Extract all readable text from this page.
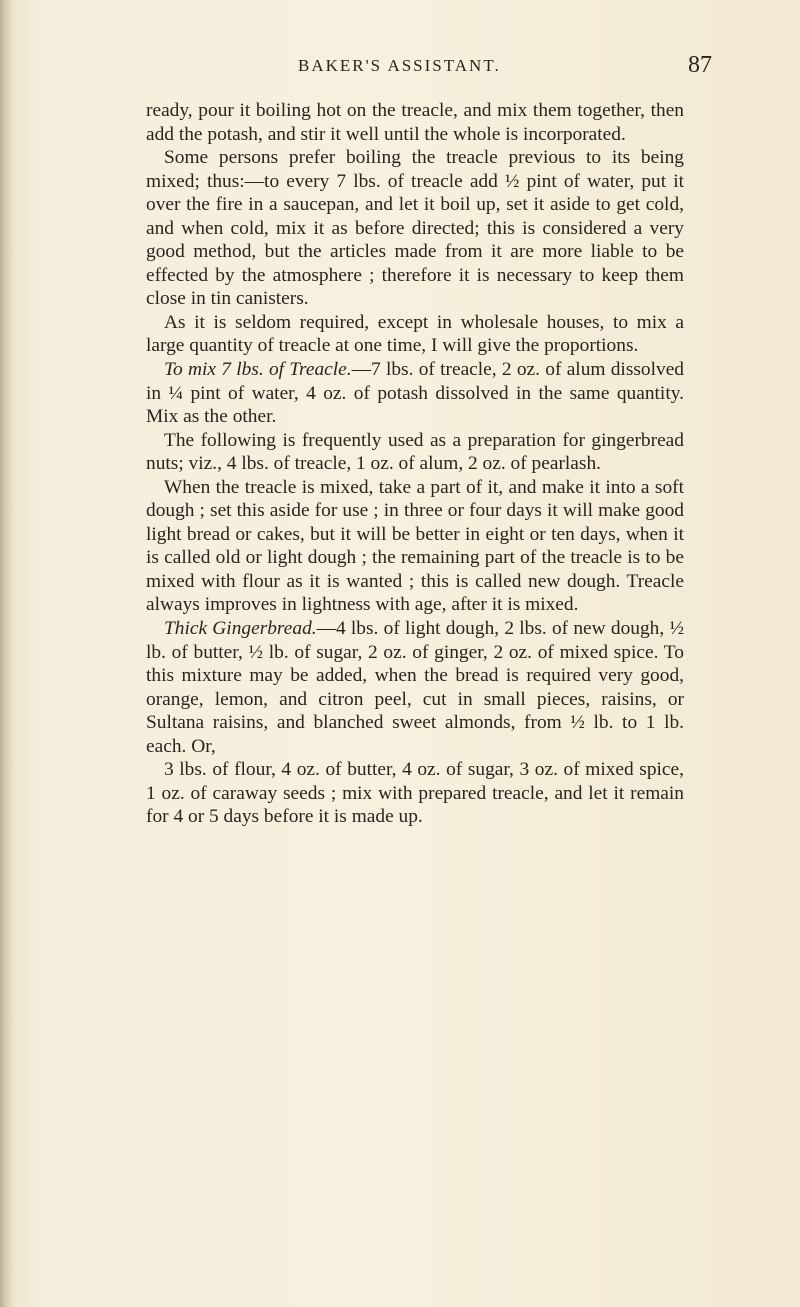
BAKER'S ASSISTANT.	87

ready, pour it boiling hot on the treacle, and mix them together, then add the potash, and stir it well until the whole is incorporated.

Some persons prefer boiling the treacle previous to its being mixed; thus:—to every 7 lbs. of treacle add ½ pint of water, put it over the fire in a saucepan, and let it boil up, set it aside to get cold, and when cold, mix it as before directed; this is considered a very good method, but the articles made from it are more liable to be effected by the atmosphere ; therefore it is necessary to keep them close in tin canisters.

As it is seldom required, except in wholesale houses, to mix a large quantity of treacle at one time, I will give the proportions.

To mix 7 lbs. of Treacle.—7 lbs. of treacle, 2 oz. of alum dissolved in ¼ pint of water, 4 oz. of potash dissolved in the same quantity. Mix as the other.

The following is frequently used as a preparation for gingerbread nuts; viz., 4 lbs. of treacle, 1 oz. of alum, 2 oz. of pearlash.

When the treacle is mixed, take a part of it, and make it into a soft dough ; set this aside for use ; in three or four days it will make good light bread or cakes, but it will be better in eight or ten days, when it is called old or light dough ; the remaining part of the treacle is to be mixed with flour as it is wanted ; this is called new dough. Treacle always improves in lightness with age, after it is mixed.

Thick Gingerbread.—4 lbs. of light dough, 2 lbs. of new dough, ½ lb. of butter, ½ lb. of sugar, 2 oz. of ginger, 2 oz. of mixed spice. To this mixture may be added, when the bread is required very good, orange, lemon, and citron peel, cut in small pieces, raisins, or Sultana raisins, and blanched sweet almonds, from ½ lb. to 1 lb. each. Or,

3 lbs. of flour, 4 oz. of butter, 4 oz. of sugar, 3 oz. of mixed spice, 1 oz. of caraway seeds ; mix with prepared treacle, and let it remain for 4 or 5 days before it is made up.
